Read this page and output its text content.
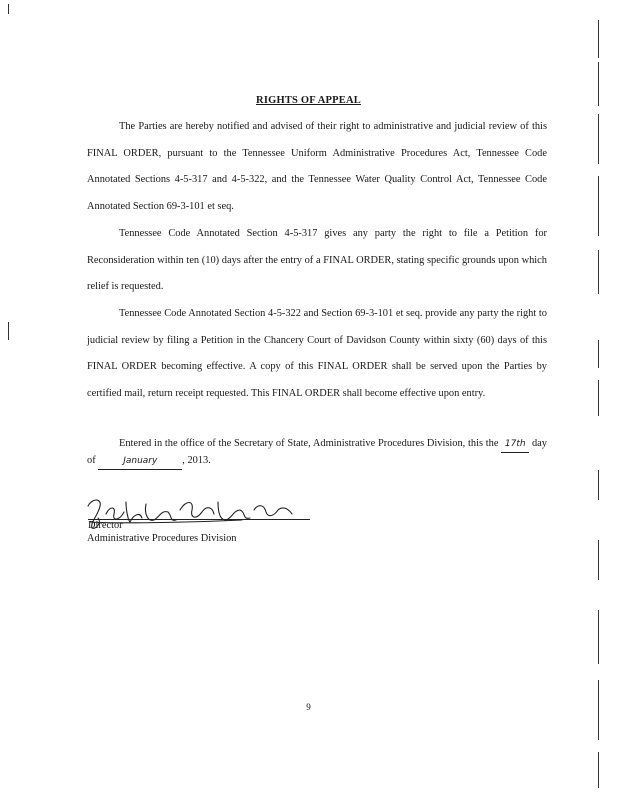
RIGHTS OF APPEAL
The Parties are hereby notified and advised of their right to administrative and judicial review of this FINAL ORDER, pursuant to the Tennessee Uniform Administrative Procedures Act, Tennessee Code Annotated Sections 4-5-317 and 4-5-322, and the Tennessee Water Quality Control Act, Tennessee Code Annotated Section 69-3-101 et seq.
Tennessee Code Annotated Section 4-5-317 gives any party the right to file a Petition for Reconsideration within ten (10) days after the entry of a FINAL ORDER, stating specific grounds upon which relief is requested.
Tennessee Code Annotated Section 4-5-322 and Section 69-3-101 et seq. provide any party the right to judicial review by filing a Petition in the Chancery Court of Davidson County within sixty (60) days of this FINAL ORDER becoming effective. A copy of this FINAL ORDER shall be served upon the Parties by certified mail, return receipt requested. This FINAL ORDER shall become effective upon entry.
Entered in the office of the Secretary of State, Administrative Procedures Division, this the 17th day of	January , 2013.
Director
Administrative Procedures Division
9
